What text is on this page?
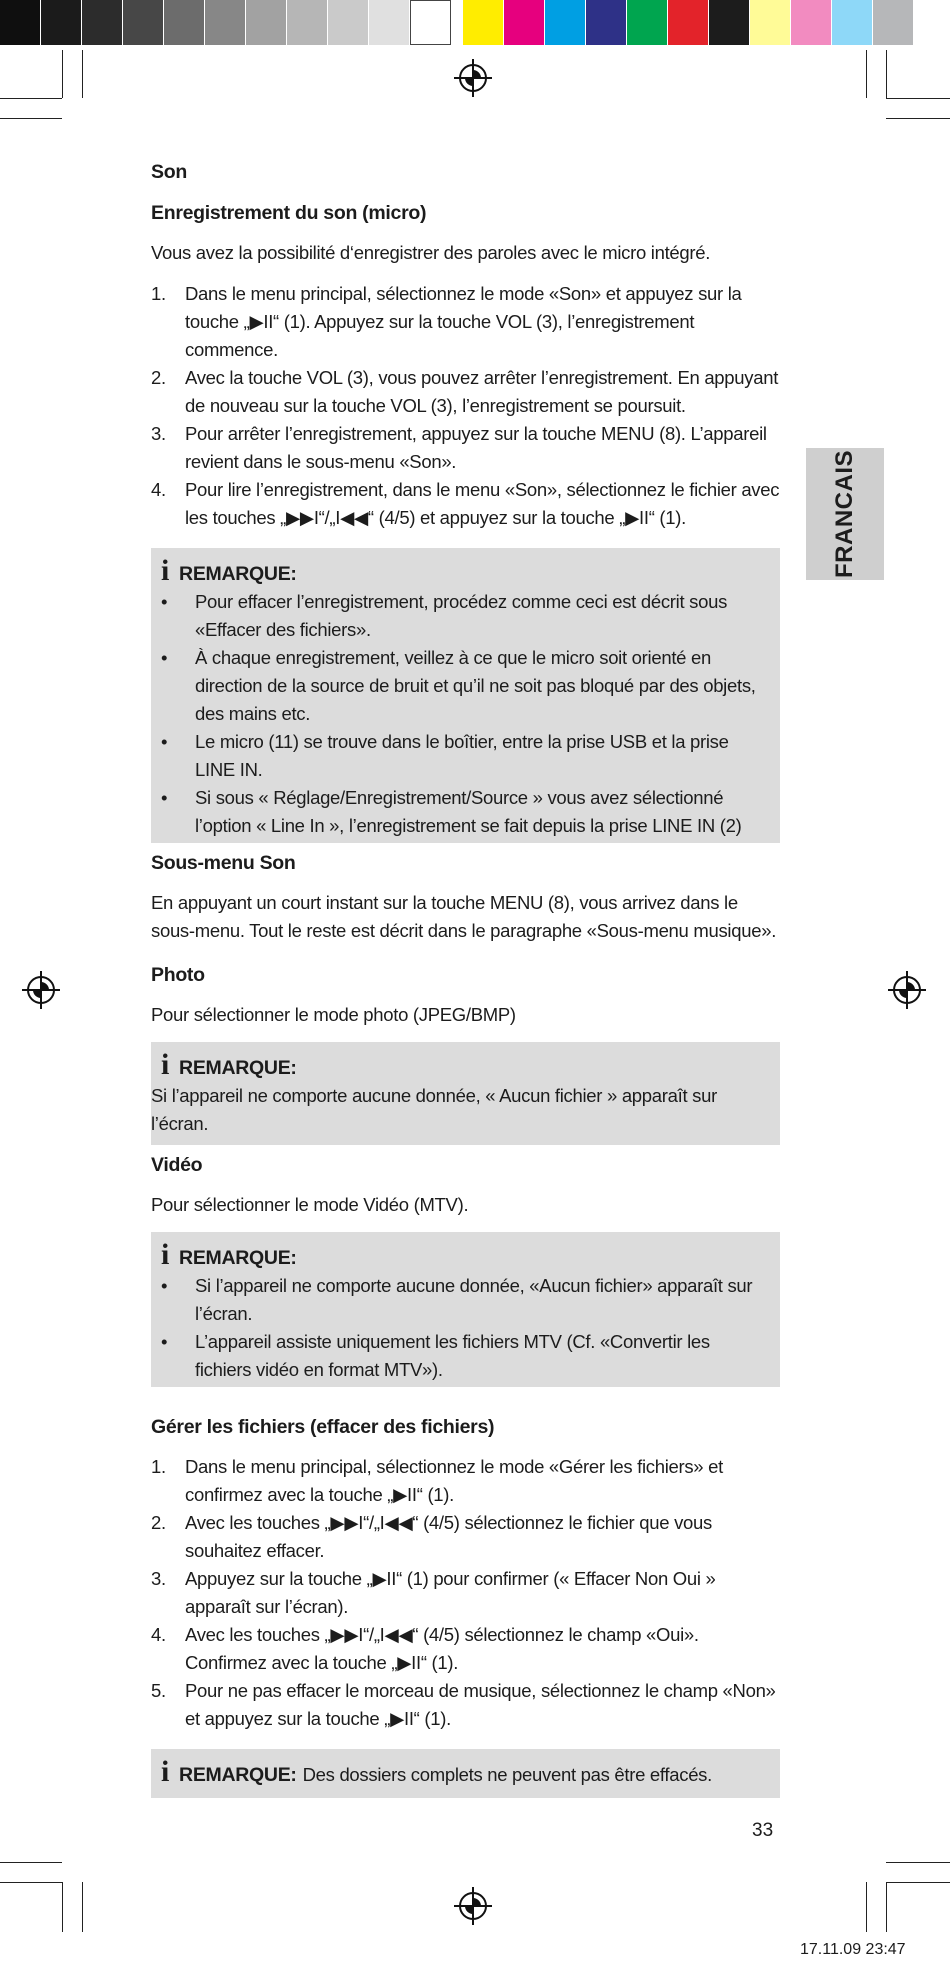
FRANCAIS
Son
Enregistrement du son (micro)

Vous avez la possibilité d‘enregistrer des paroles avec le micro intégré.

1. Dans le menu principal, sélectionnez le mode «Son» et appuyez sur la touche „▶II“ (1). Appuyez sur la touche VOL (3), l’enregistrement commence.
2. Avec la touche VOL (3), vous pouvez arrêter l’enregistrement. En appuyant de nouveau sur la touche VOL (3), l’enregistrement se poursuit.
3. Pour arrêter l’enregistrement, appuyez sur la touche MENU (8). L’appareil revient dans le sous-menu «Son».
4. Pour lire l’enregistrement, dans le menu «Son», sélectionnez le fichier avec les touches „▶▶I“/„I◀◀“ (4/5) et appuyez sur la touche „▶II“ (1).
i REMARQUE:
• Pour effacer l’enregistrement, procédez comme ceci est décrit sous «Effacer des fichiers».
• À chaque enregistrement, veillez à ce que le micro soit orienté en direction de la source de bruit et qu’il ne soit pas bloqué par des objets, des mains etc.
• Le micro (11) se trouve dans le boîtier, entre la prise USB et la prise LINE IN.
• Si sous « Réglage/Enregistrement/Source » vous avez sélectionné l’option « Line In », l’enregistrement se fait depuis la prise LINE IN (2)
Sous-menu Son

En appuyant un court instant sur la touche MENU (8), vous arrivez dans le sous-menu. Tout le reste est décrit dans le paragraphe «Sous-menu musique».

Photo

Pour sélectionner le mode photo (JPEG/BMP)

i REMARQUE:
Si l’appareil ne comporte aucune donnée, « Aucun fichier » apparaît sur l’écran.
Vidéo

Pour sélectionner le mode Vidéo (MTV).

i REMARQUE:
• Si l’appareil ne comporte aucune donnée, «Aucun fichier» apparaît sur l’écran.
• L’appareil assiste uniquement les fichiers MTV (Cf. «Convertir les fichiers vidéo en format MTV»).
Gérer les fichiers (effacer des fichiers)
1. Dans le menu principal, sélectionnez le mode «Gérer les fichiers» et confirmez avec la touche „▶II“ (1).
2. Avec les touches „▶▶I“/„I◀◀“ (4/5) sélectionnez le fichier que vous souhaitez effacer.
3. Appuyez sur la touche „▶II“ (1) pour confirmer (« Effacer Non Oui » apparaît sur l’écran).
4. Avec les touches „▶▶I“/„I◀◀“ (4/5) sélectionnez le champ «Oui». Confirmez avec la touche „▶II“ (1).
5. Pour ne pas effacer le morceau de musique, sélectionnez le champ «Non» et appuyez sur la touche „▶II“ (1).
i REMARQUE: Des dossiers complets ne peuvent pas être effacés.
33
17.11.09 23:47
